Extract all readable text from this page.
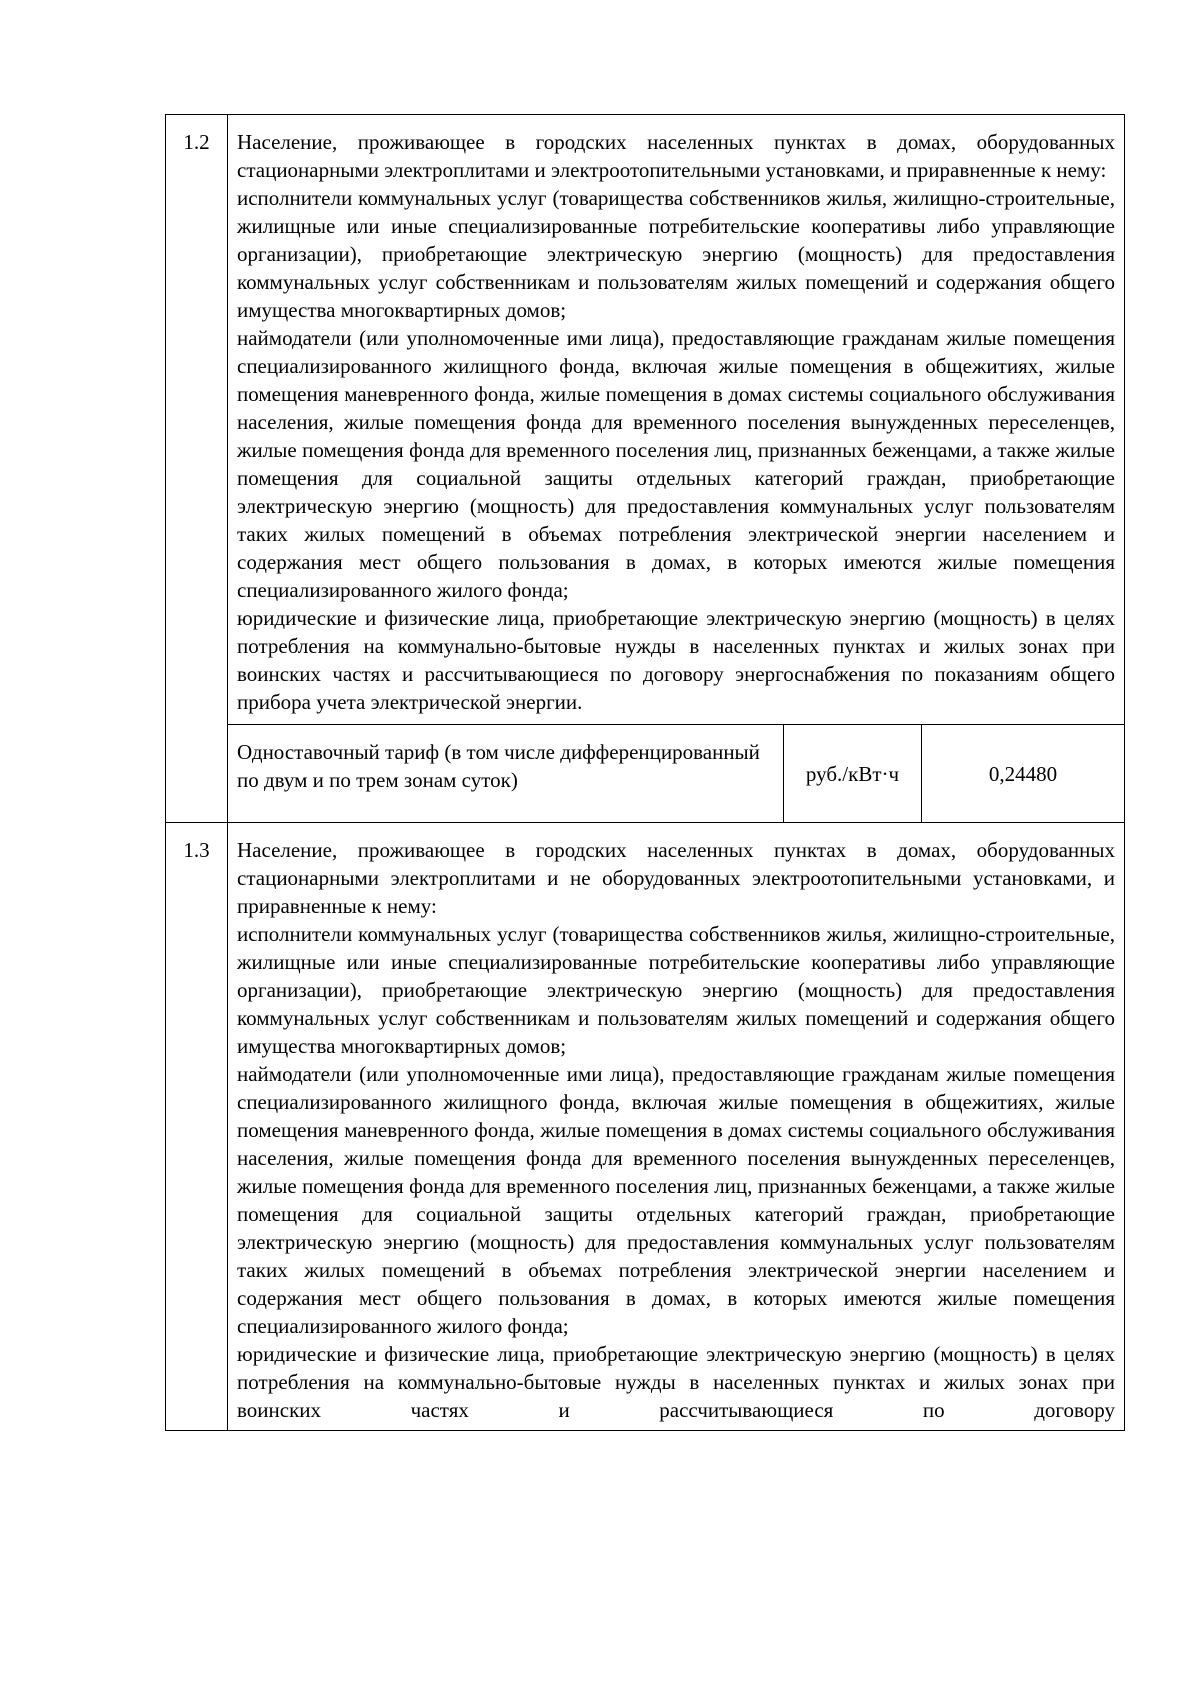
1.2	Население, проживающее в городских населенных пунктах в домах, оборудованных стационарными электроплитами и электроотопительными установками, и приравненные к нему:
исполнители коммунальных услуг (товарищества собственников жилья, жилищно-строительные, жилищные или иные специализированные потребительские кооперативы либо управляющие организации), приобретающие электрическую энергию (мощность) для предоставления коммунальных услуг собственникам и пользователям жилых помещений и содержания общего имущества многоквартирных домов;
наймодатели (или уполномоченные ими лица), предоставляющие гражданам жилые помещения специализированного жилищного фонда, включая жилые помещения в общежитиях, жилые помещения маневренного фонда, жилые помещения в домах системы социального обслуживания населения, жилые помещения фонда для временного поселения вынужденных переселенцев, жилые помещения фонда для временного поселения лиц, признанных беженцами, а также жилые помещения для социальной защиты отдельных категорий граждан, приобретающие электрическую энергию (мощность) для предоставления коммунальных услуг пользователям таких жилых помещений в объемах потребления электрической энергии населением и содержания мест общего пользования в домах, в которых имеются жилые помещения специализированного жилого фонда;
юридические и физические лица, приобретающие электрическую энергию (мощность) в целях потребления на коммунально-бытовые нужды в населенных пунктах и жилых зонах при воинских частях и рассчитывающиеся по договору энергоснабжения по показаниям общего прибора учета электрической энергии.		

	Одноставочный тариф (в том числе дифференцированный по двум и по трем зонам суток)	руб./кВт·ч	0,24480
1.3	Население, проживающее в городских населенных пунктах в домах, оборудованных стационарными электроплитами и не оборудованных электроотопительными установками, и приравненные к нему:
исполнители коммунальных услуг (товарищества собственников жилья, жилищно-строительные, жилищные или иные специализированные потребительские кооперативы либо управляющие организации), приобретающие электрическую энергию (мощность) для предоставления коммунальных услуг собственникам и пользователям жилых помещений и содержания общего имущества многоквартирных домов;
наймодатели (или уполномоченные ими лица), предоставляющие гражданам жилые помещения специализированного жилищного фонда, включая жилые помещения в общежитиях, жилые помещения маневренного фонда, жилые помещения в домах системы социального обслуживания населения, жилые помещения фонда для временного поселения вынужденных переселенцев, жилые помещения фонда для временного поселения лиц, признанных беженцами, а также жилые помещения для социальной защиты отдельных категорий граждан, приобретающие электрическую энергию (мощность) для предоставления коммунальных услуг пользователям таких жилых помещений в объемах потребления электрической энергии населением и содержания мест общего пользования в домах, в которых имеются жилые помещения специализированного жилого фонда;
юридические и физические лица, приобретающие электрическую энергию (мощность) в целях потребления на коммунально-бытовые нужды в населенных пунктах и жилых зонах при воинских частях и рассчитывающиеся по договору		
